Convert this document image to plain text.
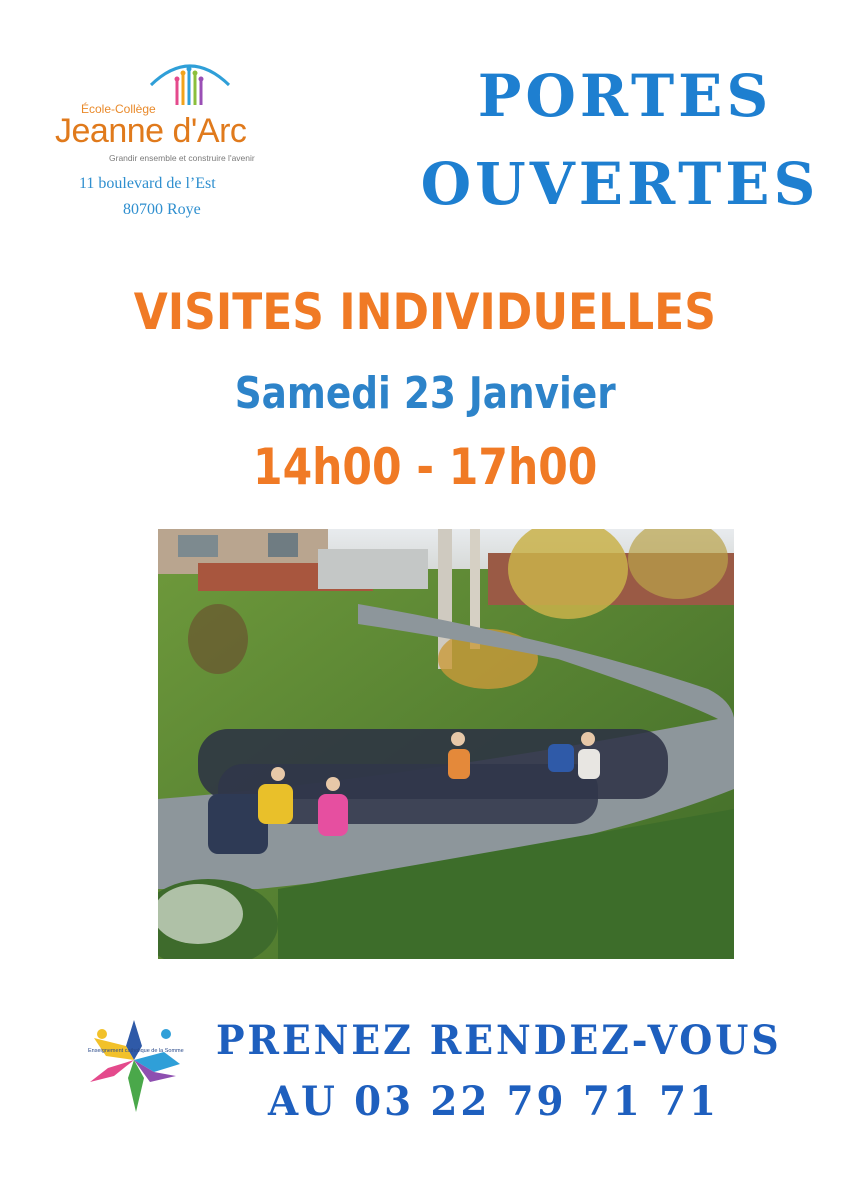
École-Collège
Jeanne d'Arc
Grandir ensemble et construire l'avenir
11 boulevard de l’Est
80700 Roye
PORTES
OUVERTES
VISITES INDIVIDUELLES
Samedi 23 Janvier
14h00 - 17h00
Enseignement catholique de la Somme PRENEZ RENDEZ-VOUS
AU 03 22 79 71 71
